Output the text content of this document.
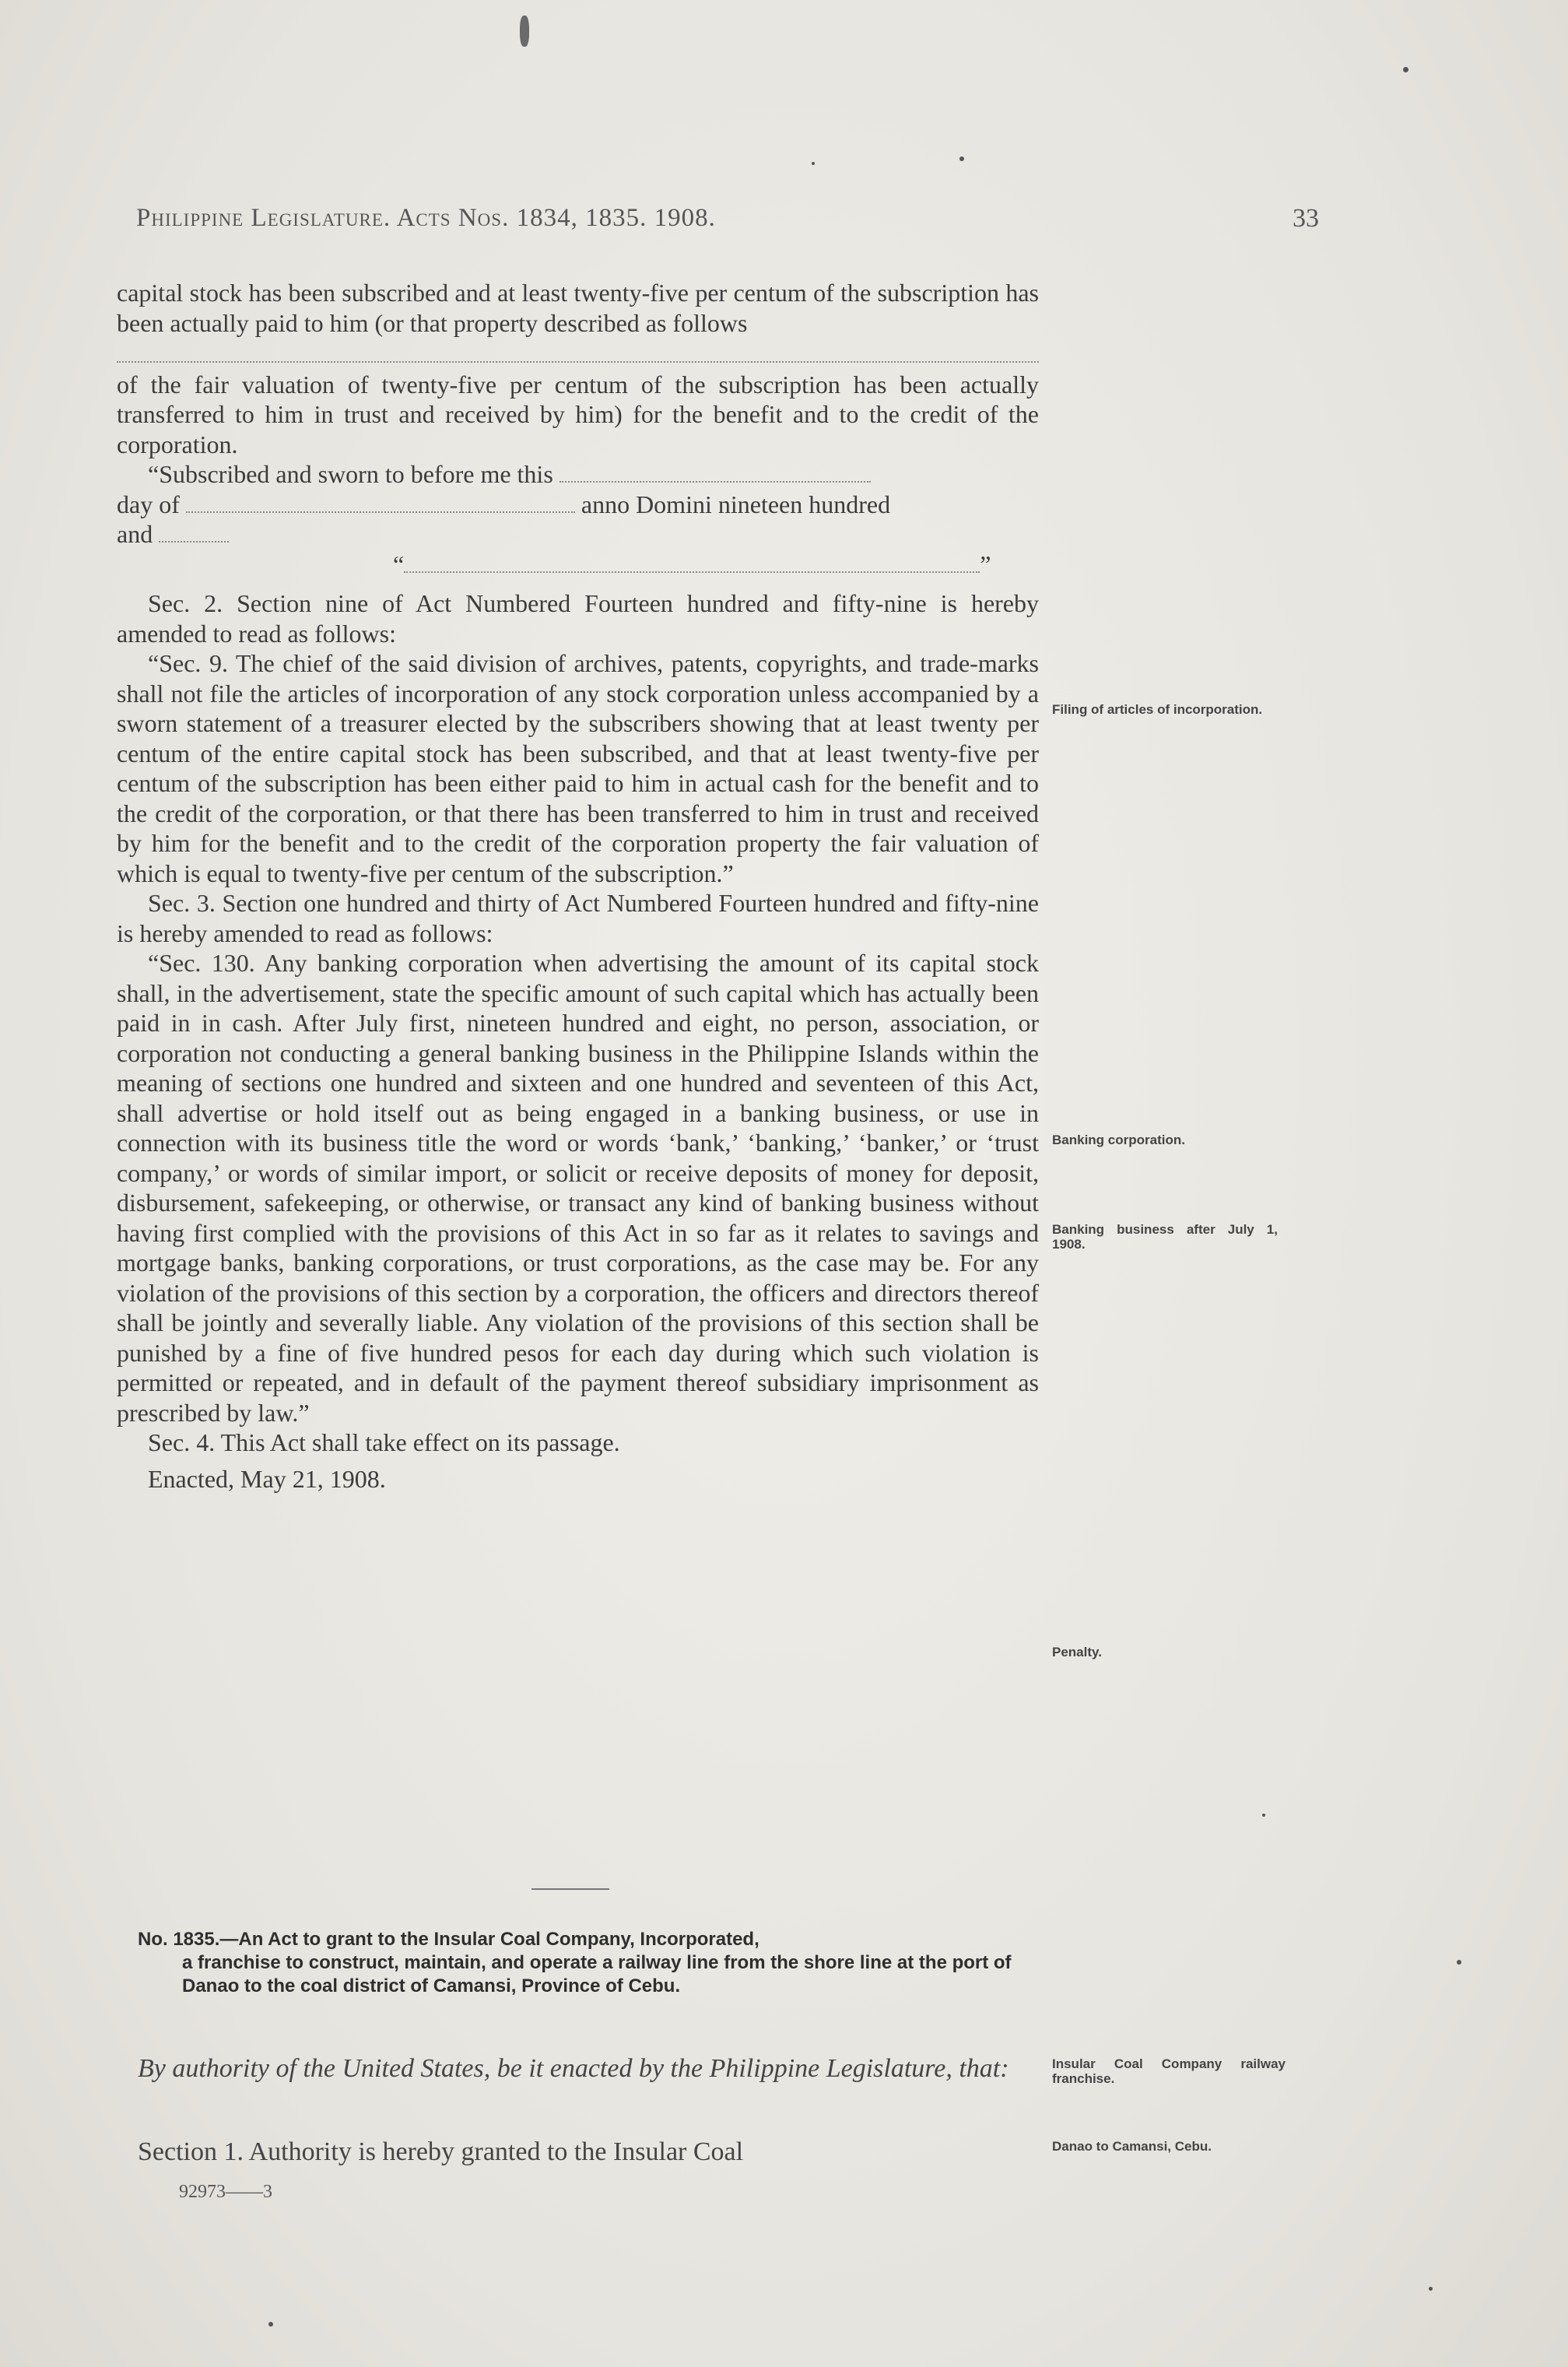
Philippine Legislature. Acts Nos. 1834, 1835. 1908.	33

capital stock has been subscribed and at least twenty-five per centum of the subscription has been actually paid to him (or that property described as follows

of the fair valuation of twenty-five per centum of the subscription has been actually transferred to him in trust and received by him) for the benefit and to the credit of the corporation.

“Subscribed and sworn to before me this

day of	anno Domini nineteen hundred

and

“	”

Sec. 2. Section nine of Act Numbered Fourteen hundred and fifty-nine is hereby amended to read as follows:

“Sec. 9. The chief of the said division of archives, patents, copyrights, and trade-marks shall not file the articles of incorporation of any stock corporation unless accompanied by a sworn statement of a treasurer elected by the subscribers showing that at least twenty per centum of the entire capital stock has been subscribed, and that at least twenty-five per centum of the subscription has been either paid to him in actual cash for the benefit and to the credit of the corporation, or that there has been transferred to him in trust and received by him for the benefit and to the credit of the corporation property the fair valuation of which is equal to twenty-five per centum of the subscription.”

Sec. 3. Section one hundred and thirty of Act Numbered Fourteen hundred and fifty-nine is hereby amended to read as follows:

“Sec. 130. Any banking corporation when advertising the amount of its capital stock shall, in the advertisement, state the specific amount of such capital which has actually been paid in in cash. After July first, nineteen hundred and eight, no person, association, or corporation not conducting a general banking business in the Philippine Islands within the meaning of sections one hundred and sixteen and one hundred and seventeen of this Act, shall advertise or hold itself out as being engaged in a banking business, or use in connection with its business title the word or words ‘bank,’ ‘banking,’ ‘banker,’ or ‘trust company,’ or words of similar import, or solicit or receive deposits of money for deposit, disbursement, safekeeping, or otherwise, or transact any kind of banking business without having first complied with the provisions of this Act in so far as it relates to savings and mortgage banks, banking corporations, or trust corporations, as the case may be. For any violation of the provisions of this section by a corporation, the officers and directors thereof shall be jointly and severally liable. Any violation of the provisions of this section shall be punished by a fine of five hundred pesos for each day during which such violation is permitted or repeated, and in default of the payment thereof subsidiary imprisonment as prescribed by law.”

Sec. 4. This Act shall take effect on its passage.

Enacted, May 21, 1908.

No. 1835.—An Act to grant to the Insular Coal Company, Incorporated,
a franchise to construct, maintain, and operate a railway line from the shore line at the port of Danao to the coal district of Camansi, Province of Cebu.
By authority of the United States, be it enacted by the Philippine Legislature, that:
Section 1. Authority is hereby granted to the Insular Coal
92973——3
Filing of articles of incorporation.
Banking corporation.
Banking business after July 1, 1908.
Penalty.
Insular Coal Company railway franchise.
Danao to Camansi, Cebu.
